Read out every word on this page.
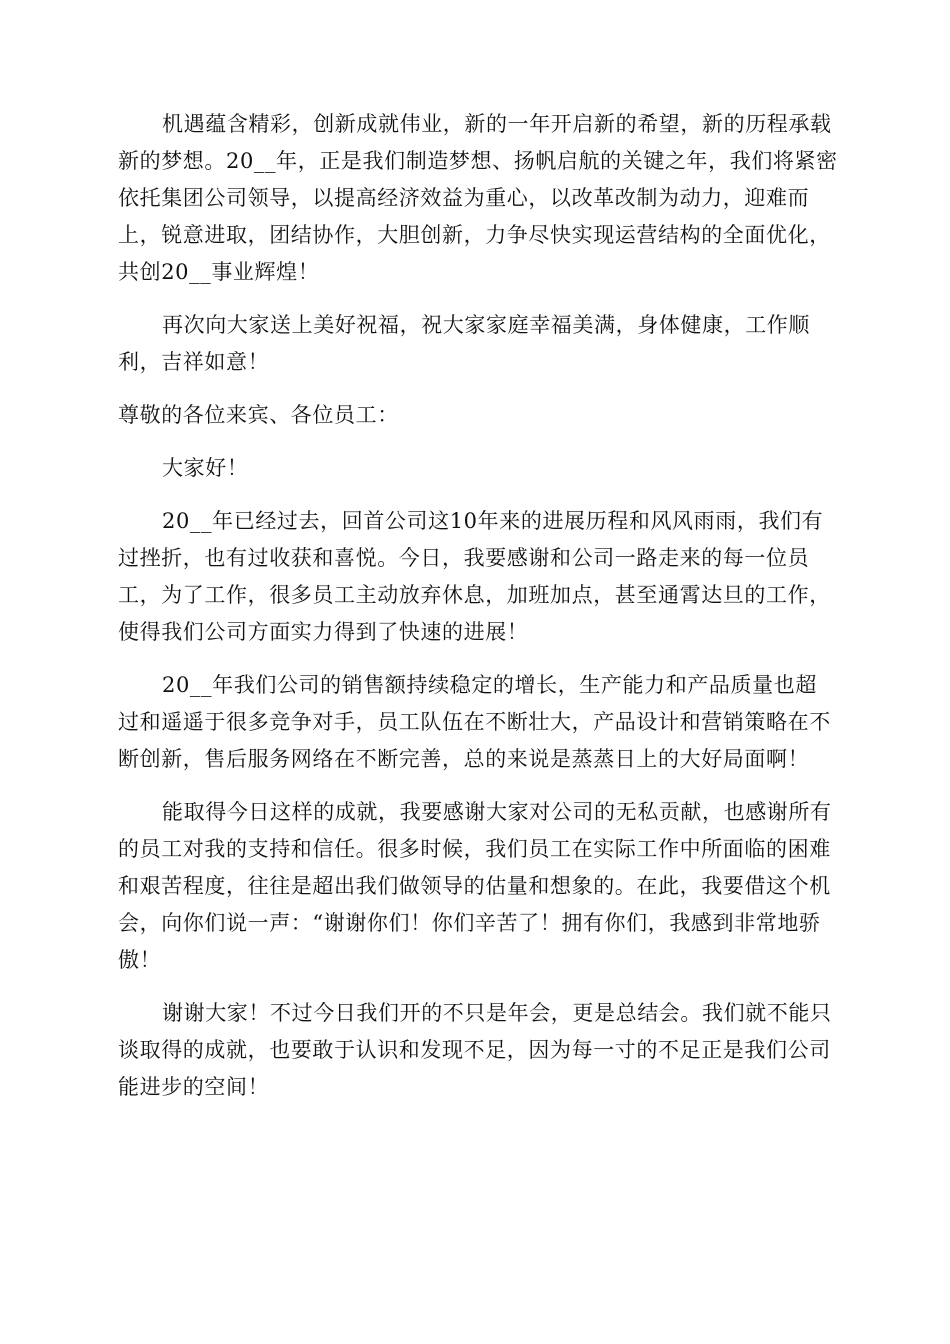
机遇蕴含精彩，创新成就伟业，新的一年开启新的希望，新的历程承载新的梦想。20__年，正是我们制造梦想、扬帆启航的关键之年，我们将紧密依托集团公司领导，以提高经济效益为重心，以改革改制为动力，迎难而上，锐意进取，团结协作，大胆创新，力争尽快实现运营结构的全面优化，共创20__事业辉煌！

再次向大家送上美好祝福，祝大家家庭幸福美满，身体健康，工作顺利，吉祥如意！

尊敬的各位来宾、各位员工：

大家好！

20__年已经过去，回首公司这10年来的进展历程和风风雨雨，我们有过挫折，也有过收获和喜悦。今日，我要感谢和公司一路走来的每一位员工，为了工作，很多员工主动放弃休息，加班加点，甚至通霄达旦的工作，使得我们公司方面实力得到了快速的进展！

20__年我们公司的销售额持续稳定的增长，生产能力和产品质量也超过和遥遥于很多竞争对手，员工队伍在不断壮大，产品设计和营销策略在不断创新，售后服务网络在不断完善，总的来说是蒸蒸日上的大好局面啊！

能取得今日这样的成就，我要感谢大家对公司的无私贡献，也感谢所有的员工对我的支持和信任。很多时候，我们员工在实际工作中所面临的困难和艰苦程度，往往是超出我们做领导的估量和想象的。在此，我要借这个机会，向你们说一声：“谢谢你们！你们辛苦了！拥有你们，我感到非常地骄傲！

谢谢大家！不过今日我们开的不只是年会，更是总结会。我们就不能只谈取得的成就，也要敢于认识和发现不足，因为每一寸的不足正是我们公司能进步的空间！
